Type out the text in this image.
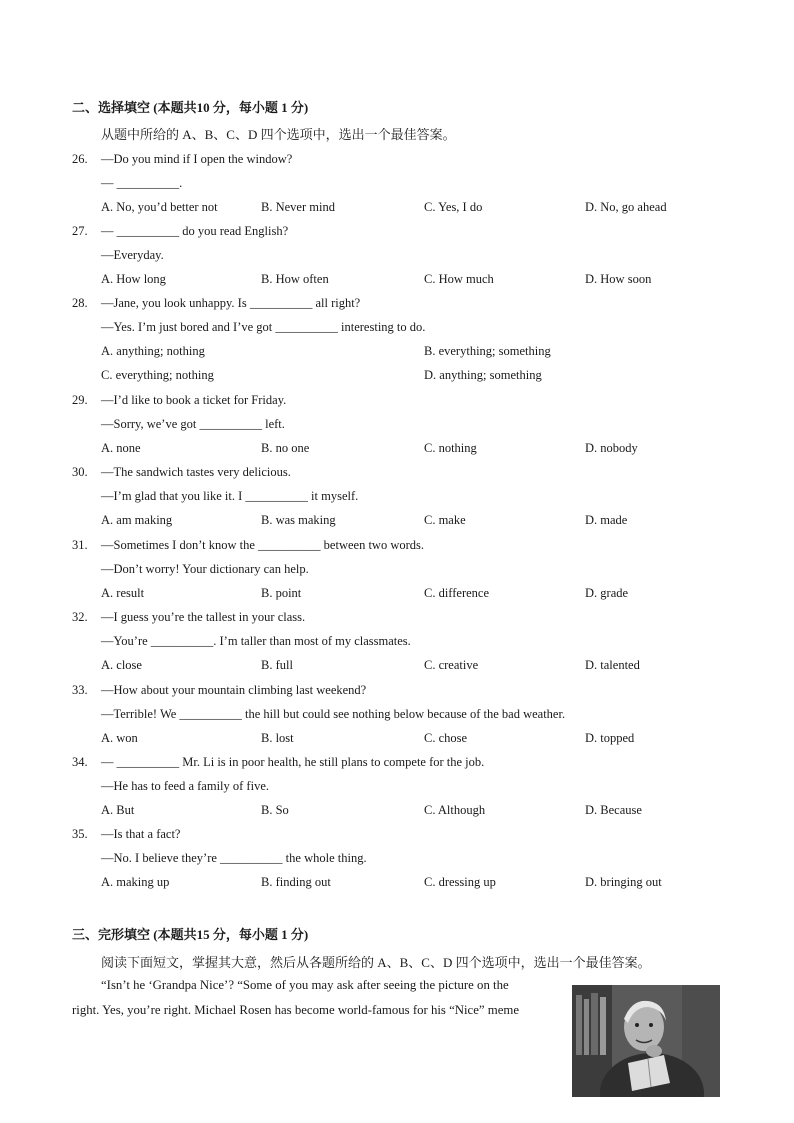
二、选择填空 (本题共10 分，每小题 1 分)
从题中所给的 A、B、C、D 四个选项中，选出一个最佳答案。
26. —Do you mind if I open the window?
— __________.
A. No, you’d better not	B. Never mind	C. Yes, I do	D. No, go ahead
27. — __________ do you read English?
—Everyday.
A. How long	B. How often	C. How much	D. How soon
28. —Jane, you look unhappy. Is __________ all right?
—Yes. I’m just bored and I’ve got __________ interesting to do.
A. anything; nothing	B. everything; something
C. everything; nothing	D. anything; something
29. —I’d like to book a ticket for Friday.
—Sorry, we’ve got __________ left.
A. none	B. no one	C. nothing	D. nobody
30. —The sandwich tastes very delicious.
—I’m glad that you like it. I __________ it myself.
A. am making	B. was making	C. make	D. made
31. —Sometimes I don’t know the __________ between two words.
—Don’t worry! Your dictionary can help.
A. result	B. point	C. difference	D. grade
32. —I guess you’re the tallest in your class.
—You’re __________. I’m taller than most of my classmates.
A. close	B. full	C. creative	D. talented
33. —How about your mountain climbing last weekend?
—Terrible! We __________ the hill but could see nothing below because of the bad weather.
A. won	B. lost	C. chose	D. topped
34. — __________ Mr. Li is in poor health, he still plans to compete for the job.
—He has to feed a family of five.
A. But	B. So	C. Although	D. Because
35. —Is that a fact?
—No. I believe they’re __________ the whole thing.
A. making up	B. finding out	C. dressing up	D. bringing out
三、完形填空 (本题共15 分，每小题 1 分)
阅读下面短文，掌握其大意，然后从各题所给的 A、B、C、D 四个选项中，选出一个最佳答案。
“Isn’t he ‘Grandpa Nice’? “Some of you may ask after seeing the picture on the
right. Yes, you’re right. Michael Rosen has become world-famous for his “Nice” meme
